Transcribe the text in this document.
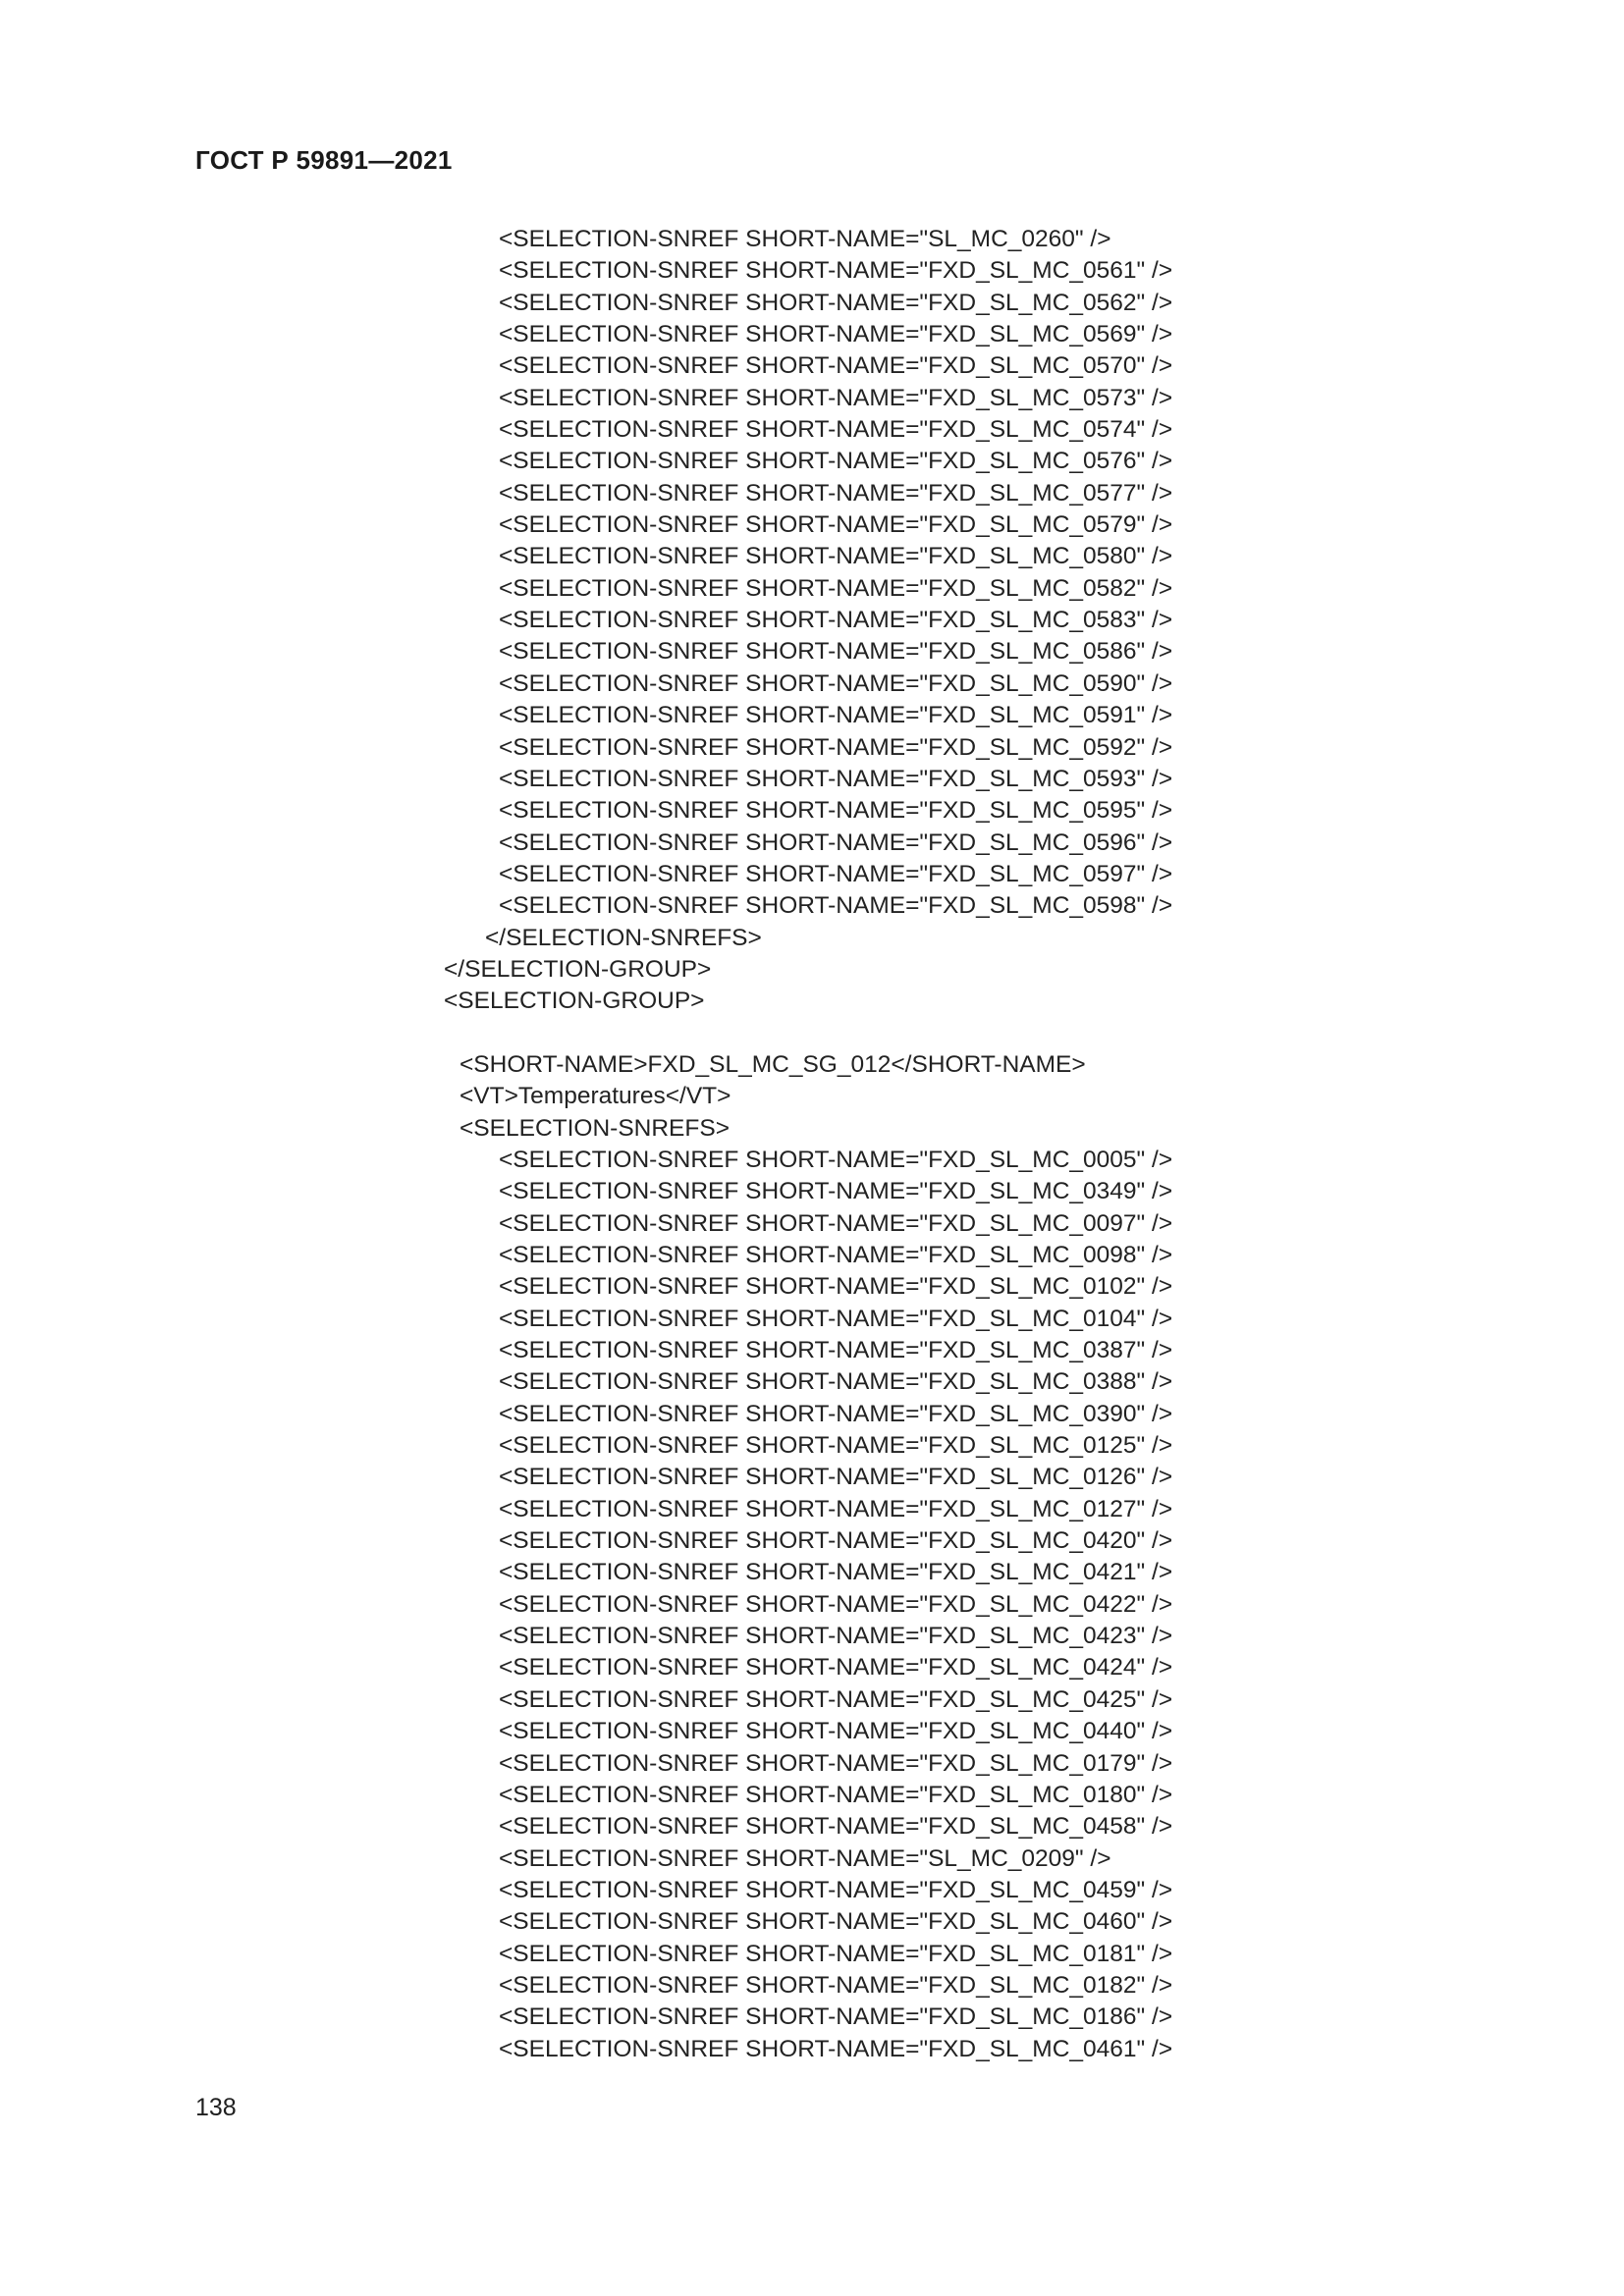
ГОСТ Р 59891—2021
<SELECTION-SNREF SHORT-NAME="SL_MC_0260" />
<SELECTION-SNREF SHORT-NAME="FXD_SL_MC_0561" />
<SELECTION-SNREF SHORT-NAME="FXD_SL_MC_0562" />
<SELECTION-SNREF SHORT-NAME="FXD_SL_MC_0569" />
<SELECTION-SNREF SHORT-NAME="FXD_SL_MC_0570" />
<SELECTION-SNREF SHORT-NAME="FXD_SL_MC_0573" />
<SELECTION-SNREF SHORT-NAME="FXD_SL_MC_0574" />
<SELECTION-SNREF SHORT-NAME="FXD_SL_MC_0576" />
<SELECTION-SNREF SHORT-NAME="FXD_SL_MC_0577" />
<SELECTION-SNREF SHORT-NAME="FXD_SL_MC_0579" />
<SELECTION-SNREF SHORT-NAME="FXD_SL_MC_0580" />
<SELECTION-SNREF SHORT-NAME="FXD_SL_MC_0582" />
<SELECTION-SNREF SHORT-NAME="FXD_SL_MC_0583" />
<SELECTION-SNREF SHORT-NAME="FXD_SL_MC_0586" />
<SELECTION-SNREF SHORT-NAME="FXD_SL_MC_0590" />
<SELECTION-SNREF SHORT-NAME="FXD_SL_MC_0591" />
<SELECTION-SNREF SHORT-NAME="FXD_SL_MC_0592" />
<SELECTION-SNREF SHORT-NAME="FXD_SL_MC_0593" />
<SELECTION-SNREF SHORT-NAME="FXD_SL_MC_0595" />
<SELECTION-SNREF SHORT-NAME="FXD_SL_MC_0596" />
<SELECTION-SNREF SHORT-NAME="FXD_SL_MC_0597" />
<SELECTION-SNREF SHORT-NAME="FXD_SL_MC_0598" />
</SELECTION-SNREFS>
</SELECTION-GROUP>
<SELECTION-GROUP>
<SHORT-NAME>FXD_SL_MC_SG_012</SHORT-NAME>
<VT>Temperatures</VT>
<SELECTION-SNREFS>
<SELECTION-SNREF SHORT-NAME="FXD_SL_MC_0005" />
<SELECTION-SNREF SHORT-NAME="FXD_SL_MC_0349" />
<SELECTION-SNREF SHORT-NAME="FXD_SL_MC_0097" />
<SELECTION-SNREF SHORT-NAME="FXD_SL_MC_0098" />
<SELECTION-SNREF SHORT-NAME="FXD_SL_MC_0102" />
<SELECTION-SNREF SHORT-NAME="FXD_SL_MC_0104" />
<SELECTION-SNREF SHORT-NAME="FXD_SL_MC_0387" />
<SELECTION-SNREF SHORT-NAME="FXD_SL_MC_0388" />
<SELECTION-SNREF SHORT-NAME="FXD_SL_MC_0390" />
<SELECTION-SNREF SHORT-NAME="FXD_SL_MC_0125" />
<SELECTION-SNREF SHORT-NAME="FXD_SL_MC_0126" />
<SELECTION-SNREF SHORT-NAME="FXD_SL_MC_0127" />
<SELECTION-SNREF SHORT-NAME="FXD_SL_MC_0420" />
<SELECTION-SNREF SHORT-NAME="FXD_SL_MC_0421" />
<SELECTION-SNREF SHORT-NAME="FXD_SL_MC_0422" />
<SELECTION-SNREF SHORT-NAME="FXD_SL_MC_0423" />
<SELECTION-SNREF SHORT-NAME="FXD_SL_MC_0424" />
<SELECTION-SNREF SHORT-NAME="FXD_SL_MC_0425" />
<SELECTION-SNREF SHORT-NAME="FXD_SL_MC_0440" />
<SELECTION-SNREF SHORT-NAME="FXD_SL_MC_0179" />
<SELECTION-SNREF SHORT-NAME="FXD_SL_MC_0180" />
<SELECTION-SNREF SHORT-NAME="FXD_SL_MC_0458" />
<SELECTION-SNREF SHORT-NAME="SL_MC_0209" />
<SELECTION-SNREF SHORT-NAME="FXD_SL_MC_0459" />
<SELECTION-SNREF SHORT-NAME="FXD_SL_MC_0460" />
<SELECTION-SNREF SHORT-NAME="FXD_SL_MC_0181" />
<SELECTION-SNREF SHORT-NAME="FXD_SL_MC_0182" />
<SELECTION-SNREF SHORT-NAME="FXD_SL_MC_0186" />
<SELECTION-SNREF SHORT-NAME="FXD_SL_MC_0461" />
138
